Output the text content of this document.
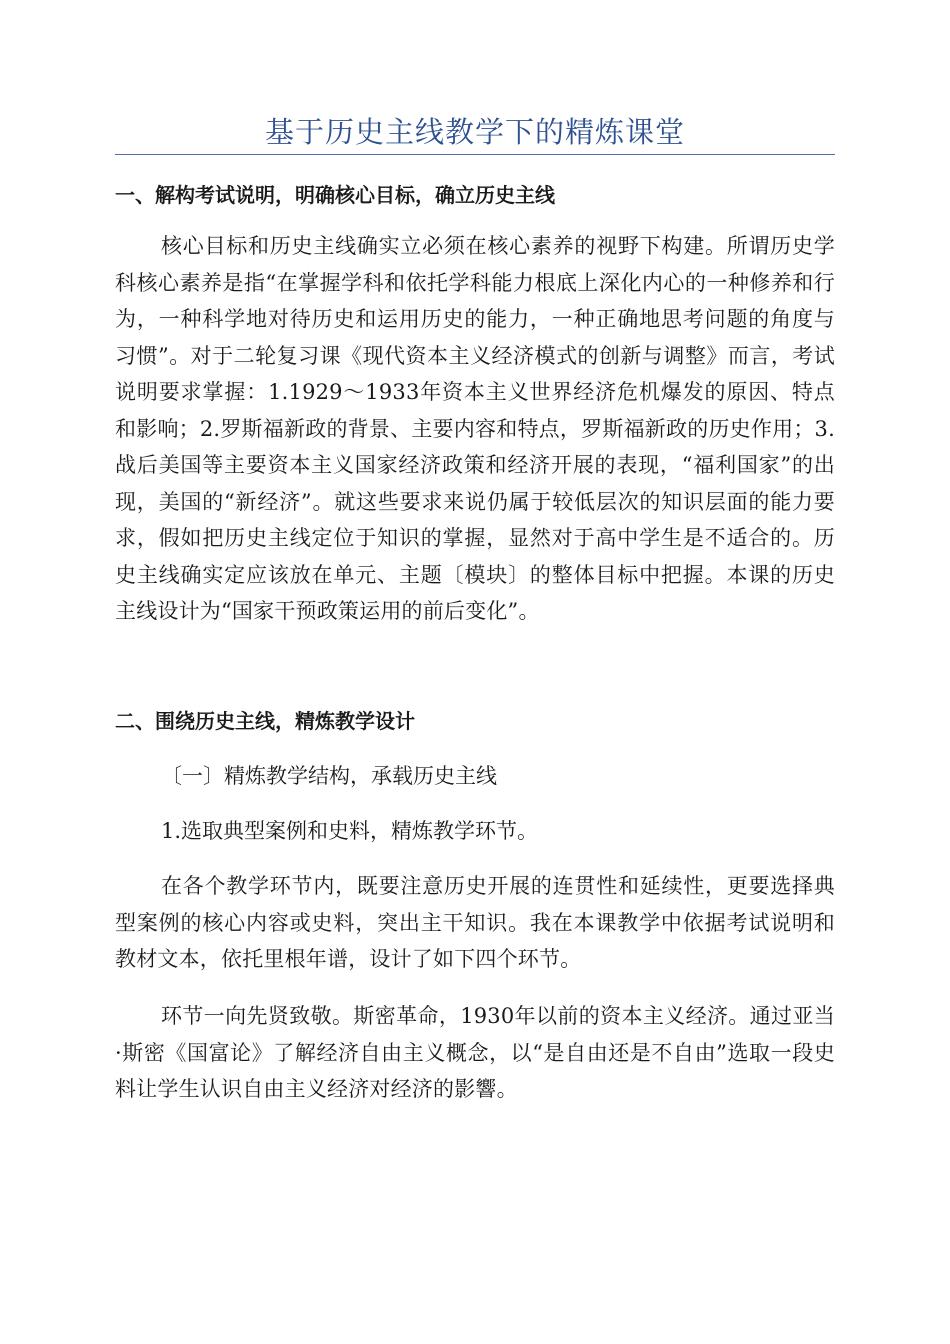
基于历史主线教学下的精炼课堂
一、解构考试说明，明确核心目标，确立历史主线
核心目标和历史主线确实立必须在核心素养的视野下构建。所谓历史学科核心素养是指“在掌握学科和依托学科能力根底上深化内心的一种修养和行为，一种科学地对待历史和运用历史的能力，一种正确地思考问题的角度与习惯”。对于二轮复习课《现代资本主义经济模式的创新与调整》而言，考试说明要求掌握：1.1929～1933年资本主义世界经济危机爆发的原因、特点和影响；2.罗斯福新政的背景、主要内容和特点，罗斯福新政的历史作用；3.战后美国等主要资本主义国家经济政策和经济开展的表现，“福利国家”的出现，美国的“新经济”。就这些要求来说仍属于较低层次的知识层面的能力要求，假如把历史主线定位于知识的掌握，显然对于高中学生是不适合的。历史主线确实定应该放在单元、主题〔模块〕的整体目标中把握。本课的历史主线设计为“国家干预政策运用的前后变化”。
二、围绕历史主线，精炼教学设计
〔一〕精炼教学结构，承载历史主线
1.选取典型案例和史料，精炼教学环节。
在各个教学环节内，既要注意历史开展的连贯性和延续性，更要选择典型案例的核心内容或史料，突出主干知识。我在本课教学中依据考试说明和教材文本，依托里根年谱，设计了如下四个环节。
环节一向先贤致敬。斯密革命，1930年以前的资本主义经济。通过亚当·斯密《国富论》了解经济自由主义概念，以“是自由还是不自由”选取一段史料让学生认识自由主义经济对经济的影響。
